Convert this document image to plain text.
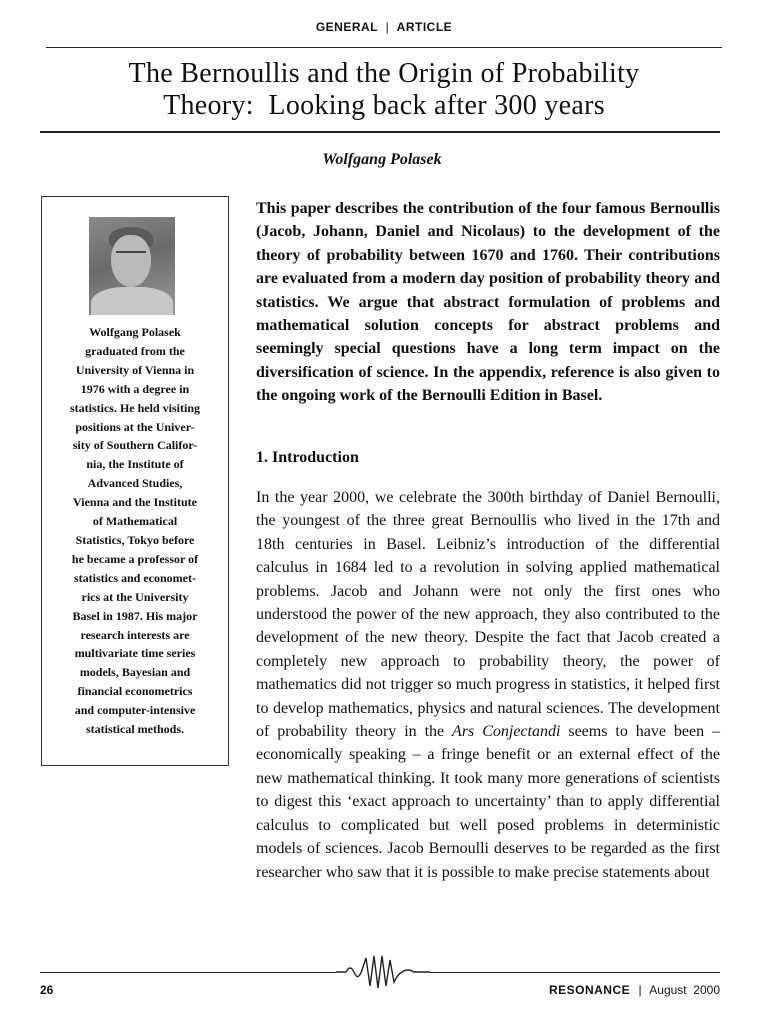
GENERAL | ARTICLE
The Bernoullis and the Origin of Probability
Theory:  Looking back after 300 years
Wolfgang Polasek
Wolfgang Polasek
graduated from the
University of Vienna in
1976 with a degree in
statistics. He held visiting
positions at the Univer-
sity of Southern Califor-
nia, the Institute of
Advanced Studies,
Vienna and the Institute
of Mathematical
Statistics, Tokyo before
he became a professor of
statistics and economet-
rics at the University
Basel in 1987. His major
research interests are
multivariate time series
models, Bayesian and
financial econometrics
and computer-intensive
statistical methods.
This paper describes the contribution of the four famous Bernoullis (Jacob, Johann, Daniel and Nicolaus) to the development of the theory of probability between 1670 and 1760. Their contributions are evaluated from a modern day position of probability theory and statistics. We argue that abstract formulation of problems and mathematical solution concepts for abstract problems and seemingly special questions have a long term impact on the diversification of science. In the appendix, reference is also given to the ongoing work of the Bernoulli Edition in Basel.
1. Introduction
In the year 2000, we celebrate the 300th birthday of Daniel Bernoulli, the youngest of the three great Bernoullis who lived in the 17th and 18th centuries in Basel. Leibniz’s introduction of the differential calculus in 1684 led to a revolution in solving applied mathematical problems. Jacob and Johann were not only the first ones who understood the power of the new approach, they also contributed to the development of the new theory. Despite the fact that Jacob created a completely new approach to probability theory, the power of mathematics did not trigger so much progress in statistics, it helped first to develop mathematics, physics and natural sciences. The development of probability theory in the Ars Conjectandi seems to have been – economically speaking – a fringe benefit or an external effect of the new mathematical thinking. It took many more generations of scientists to digest this ‘exact approach to uncertainty’ than to apply differential calculus to complicated but well posed problems in deterministic models of sciences. Jacob Bernoulli deserves to be regarded as the first researcher who saw that it is possible to make precise statements about
26	RESONANCE | August  2000
